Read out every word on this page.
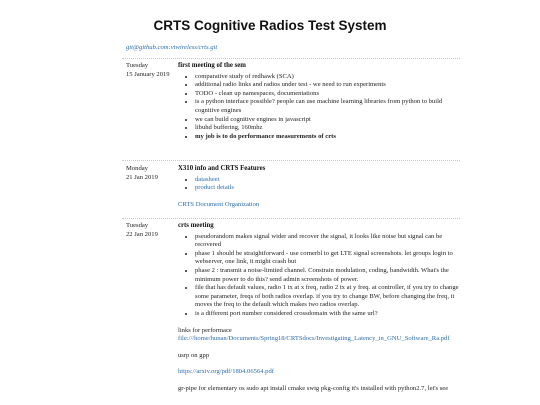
CRTS Cognitive Radios Test System
git@github.com:vtwireless/crts.git
Tuesday
15 January 2019
first meeting of the sem
• comparative study of redhawk (SCA)
• additional radio links and radios under test - we need to run experiments
• TODO - clean up namespaces, documentations
• is a python interface possible? people can use machine learning libraries from python to build cognitive engines
• we can build cognitive engines in javascript
• libuhd buffering, 160mhz
• my job is to do performance measurements of crts
Monday
21 Jan 2019
X310 info and CRTS Features
• datasheet
• product details

CRTS Document Organization

Tuesday
22 Jan 2019
crts meeting
• pseudorandom makes signal wider and recover the signal, it looks like noise but signal can be recovered
• phase 1 should be straightforward - use cornerbl to get LTE signal screenshots. let groups login to webserver, one link, it might crash but
• phase 2 : transmit a noise-limited channel. Constrain modulation, coding, bandwidth. What's the minimum power to do this? send admin screenshots of power.
• file that has default values, radio 1 tx at x freq, radio 2 tx at y freq. at controller, if you try to change some parameter, freqs of both radios overlap. if you try to change BW, before changing the freq, it moves the freq to the default which makes two radios overlap.
• is a different port number considered crossdomain with the same url?

links for performace

file:///home/hunan/Documents/Spring18/CRTSdocs/Investigating_Latency_in_GNU_Software_Ra.pdf

usrp on gpp

https://arxiv.org/pdf/1804.06564.pdf

gr-pipe for elementary os sudo apt install cmake swig pkg-config it's installed with python2.7, let's see
